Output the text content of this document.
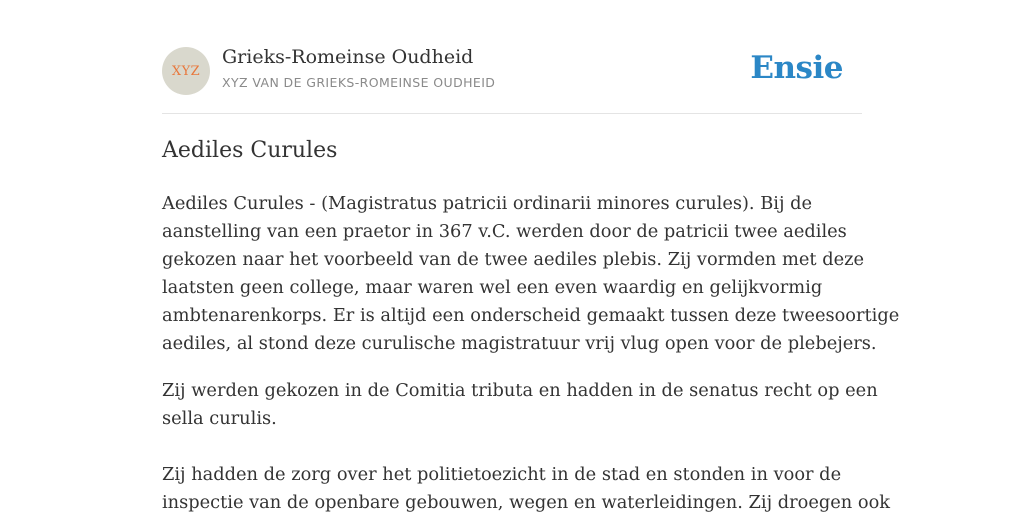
XYZ
Grieks-Romeinse Oudheid
XYZ VAN DE GRIEKS-ROMEINSE OUDHEID	Ensie
Aediles Curules
Aediles Curules - (Magistratus patricii ordinarii minores curules). Bij de
aanstelling van een praetor in 367 v.C. werden door de patricii twee aediles
gekozen naar het voorbeeld van de twee aediles plebis. Zij vormden met deze
laatsten geen college, maar waren wel een even waardig en gelijkvormig
ambtenarenkorps. Er is altijd een onderscheid gemaakt tussen deze tweesoortige
aediles, al stond deze curulische magistratuur vrij vlug open voor de plebejers.
Zij werden gekozen in de Comitia tributa en hadden in de senatus recht op een
sella curulis.
Zij hadden de zorg over het politietoezicht in de stad en stonden in voor de
inspectie van de openbare gebouwen, wegen en waterleidingen. Zij droegen ook
